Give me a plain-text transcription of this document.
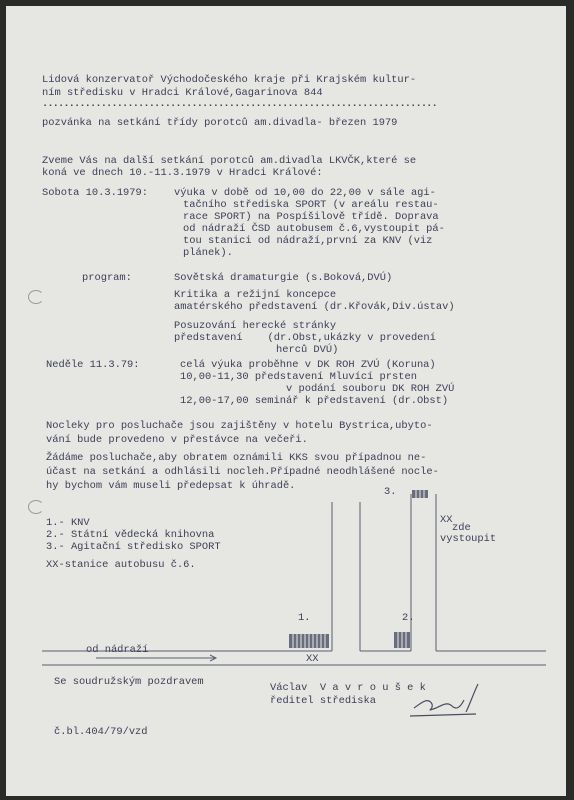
Lidová konzervatoř Východočeského kraje při Krajském kultur-
ním středisku v Hradci Králové,Gagarinova 844
..........................................................................
pozvánka na setkání třídy porotců am.divadla- březen 1979
Zveme Vás na další setkání porotců am.divadla LKVČK,které se
koná ve dnech 10.-11.3.1979 v Hradci Králové:
Sobota 10.3.1979: výuka v době od 10,00 do 22,00 v sále agi-
tačního střediska SPORT (v areálu restau-
race SPORT) na Pospíšilově třídě. Doprava
od nádraží ČSD autobusem č.6,vystoupit pá-
tou stanici od nádraží,první za KNV (viz
plánek).
program:	Sovětská dramaturgie (s.Boková,DVÚ)
Kritika a režijní koncepce
amatérského představení (dr.Křovák,Div.ústav)
Posuzování herecké stránky
představení    (dr.Obst,ukázky v provedení
herců DVÚ)
Neděle 11.3.79:	celá výuka proběhne v DK ROH ZVÚ (Koruna)
10,00-11,30 představení Mluvící prsten
v podání souboru DK ROH ZVÚ
12,00-17,00 seminář k představení (dr.Obst)
Nocleky pro posluchače jsou zajištěny v hotelu Bystrica,ubyto-
vání bude provedeno v přestávce na večeři.
Žádáme posluchače,aby obratem oznámili KKS svou případnou ne-
účast na setkání a odhlásili nocleh.Případné neodhlášené nocle-
hy bychom vám museli předepsat k úhradě.
1.- KNV
2.- Státní vědecká knihovna
3.- Agitační středisko SPORT
XX-stanice autobusu č.6.
3.
1.	2.
XX
zde
vystoupit
XX
od nádraží
Se soudružským pozdravem	Václav  V a v r o u š e k
ředitel střediska
č.bl.404/79/vzd
